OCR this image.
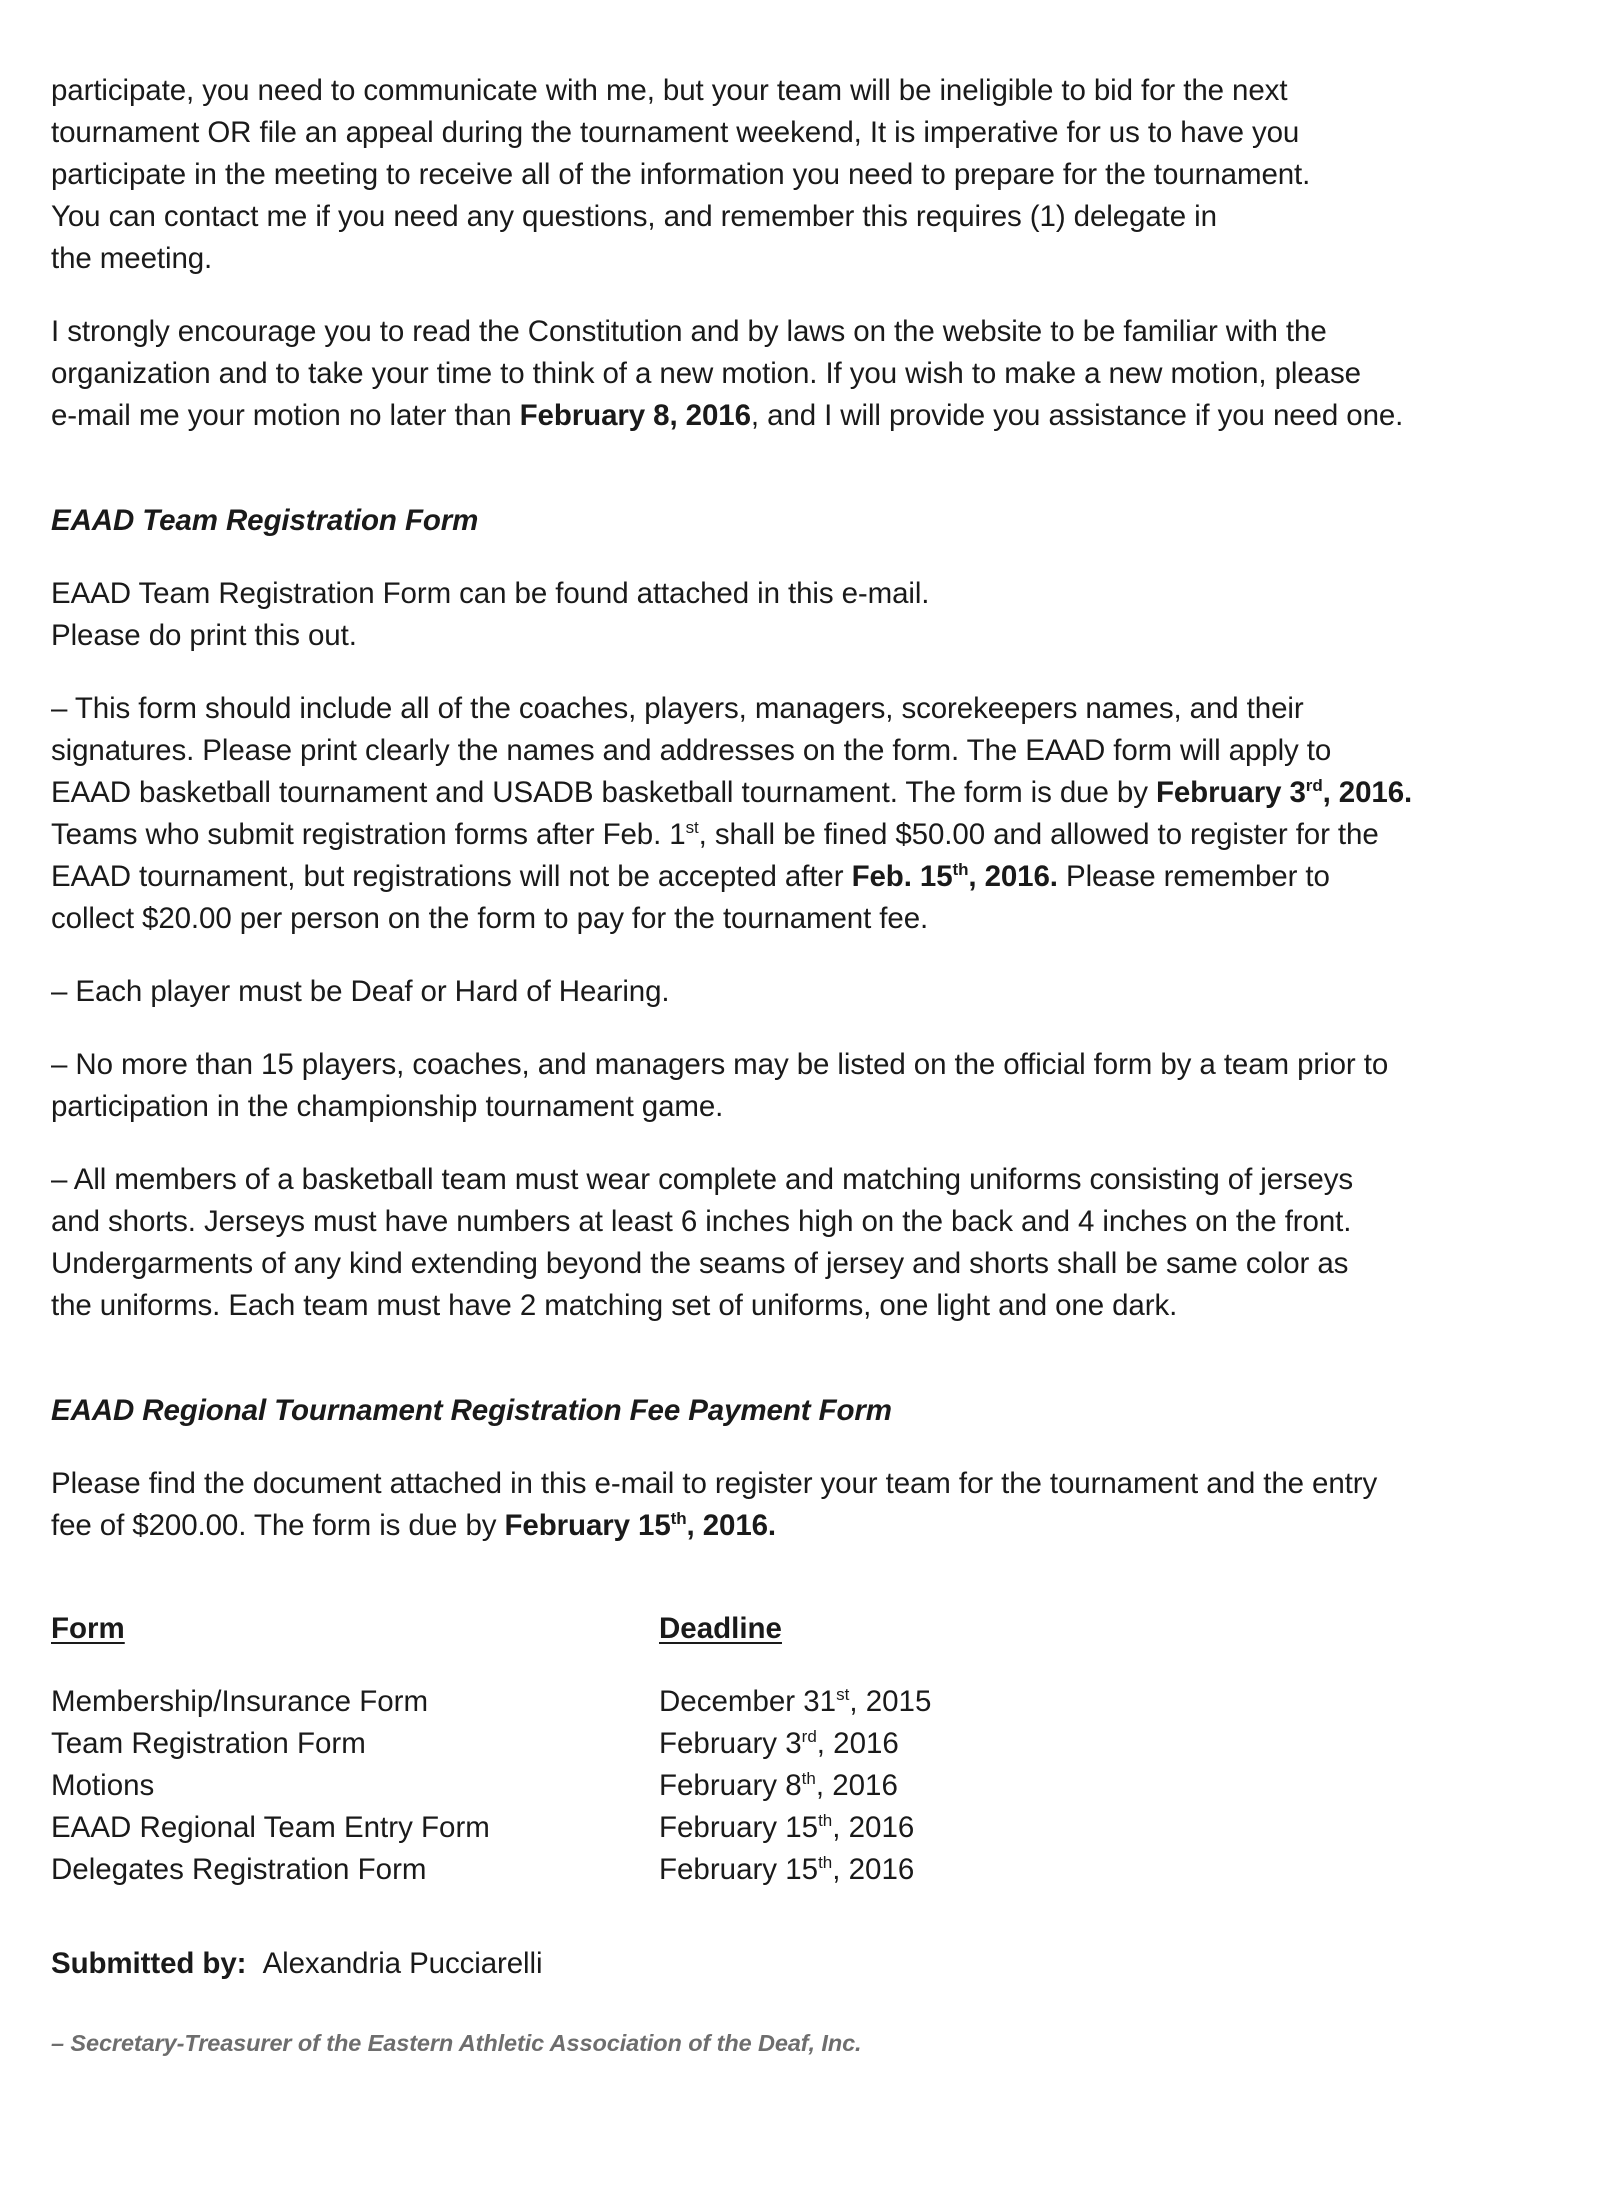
participate, you need to communicate with me, but your team will be ineligible to bid for the next

tournament OR file an appeal during the tournament weekend, It is imperative for us to have you

participate in the meeting to receive all of the information you need to prepare for the tournament.

You can contact me if you need any questions, and remember this requires (1) delegate in

the meeting.

I strongly encourage you to read the Constitution and by laws on the website to be familiar with the

organization and to take your time to think of a new motion. If you wish to make a new motion, please

e-mail me your motion no later than February 8, 2016, and I will provide you assistance if you need one.

EAAD Team Registration Form

EAAD Team Registration Form can be found attached in this e-mail.

Please do print this out.

– This form should include all of the coaches, players, managers, scorekeepers names, and their

signatures. Please print clearly the names and addresses on the form. The EAAD form will apply to

EAAD basketball tournament and USADB basketball tournament. The form is due by February 3rd, 2016.

Teams who submit registration forms after Feb. 1st, shall be fined $50.00 and allowed to register for the

EAAD tournament, but registrations will not be accepted after Feb. 15th, 2016. Please remember to

collect $20.00 per person on the form to pay for the tournament fee.

– Each player must be Deaf or Hard of Hearing.

– No more than 15 players, coaches, and managers may be listed on the official form by a team prior to

participation in the championship tournament game.

– All members of a basketball team must wear complete and matching uniforms consisting of jerseys

and shorts. Jerseys must have numbers at least 6 inches high on the back and 4 inches on the front.

Undergarments of any kind extending beyond the seams of jersey and shorts shall be same color as

the uniforms. Each team must have 2 matching set of uniforms, one light and one dark.

EAAD Regional Tournament Registration Fee Payment Form

Please find the document attached in this e-mail to register your team for the tournament and the entry

fee of $200.00. The form is due by February 15th, 2016.

Form	Deadline
Membership/Insurance Form	December 31st, 2015
Team Registration Form	February 3rd, 2016
Motions	February 8th, 2016
EAAD Regional Team Entry Form	February 15th, 2016
Delegates Registration Form	February 15th, 2016

Submitted by: Alexandria Pucciarelli

– Secretary-Treasurer of the Eastern Athletic Association of the Deaf, Inc.
